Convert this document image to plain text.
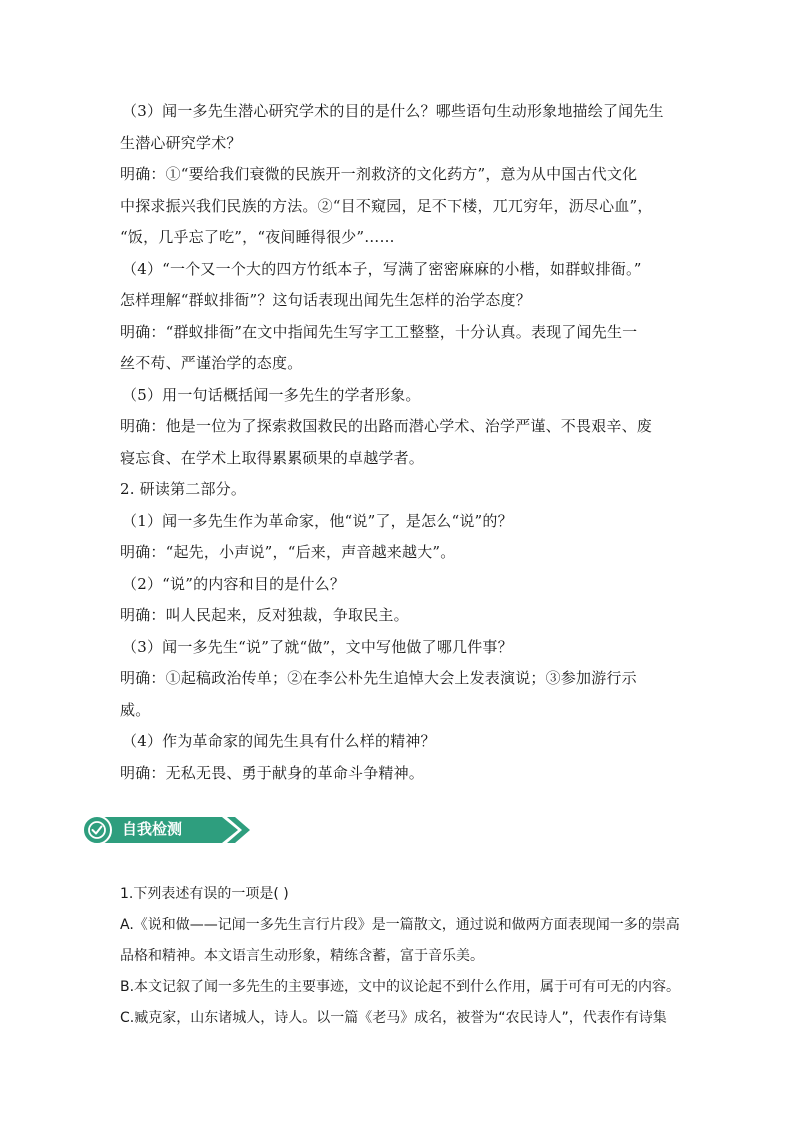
（3）闻一多先生潜心研究学术的目的是什么？哪些语句生动形象地描绘了闻先生
生潜心研究学术？
明确：①“要给我们衰微的民族开一剂救济的文化药方”，意为从中国古代文化
中探求振兴我们民族的方法。②“目不窥园，足不下楼，兀兀穷年，沥尽心血”，
“饭，几乎忘了吃”，“夜间睡得很少”……
（4）“一个又一个大的四方竹纸本子，写满了密密麻麻的小楷，如群蚁排衙。”
怎样理解“群蚁排衙”？这句话表现出闻先生怎样的治学态度？
明确：“群蚁排衙”在文中指闻先生写字工工整整，十分认真。表现了闻先生一
丝不苟、严谨治学的态度。
（5）用一句话概括闻一多先生的学者形象。
明确：他是一位为了探索救国救民的出路而潜心学术、治学严谨、不畏艰辛、废
寝忘食、在学术上取得累累硕果的卓越学者。
2. 研读第二部分。
（1）闻一多先生作为革命家，他“说”了，是怎么“说”的？
明确：“起先，小声说”，“后来，声音越来越大”。
（2）“说”的内容和目的是什么？
明确：叫人民起来，反对独裁，争取民主。
（3）闻一多先生“说”了就“做”，文中写他做了哪几件事？
明确：①起稿政治传单；②在李公朴先生追悼大会上发表演说；③参加游行示
威。
（4）作为革命家的闻先生具有什么样的精神？
明确：无私无畏、勇于献身的革命斗争精神。
自我检测
1.下列表述有误的一项是( )
A.《说和做——记闻一多先生言行片段》是一篇散文，通过说和做两方面表现闻一多的崇高
品格和精神。本文语言生动形象，精练含蓄，富于音乐美。
B.本文记叙了闻一多先生的主要事迹，文中的议论起不到什么作用，属于可有可无的内容。
C.臧克家，山东诸城人，诗人。以一篇《老马》成名，被誉为“农民诗人”，代表作有诗集
